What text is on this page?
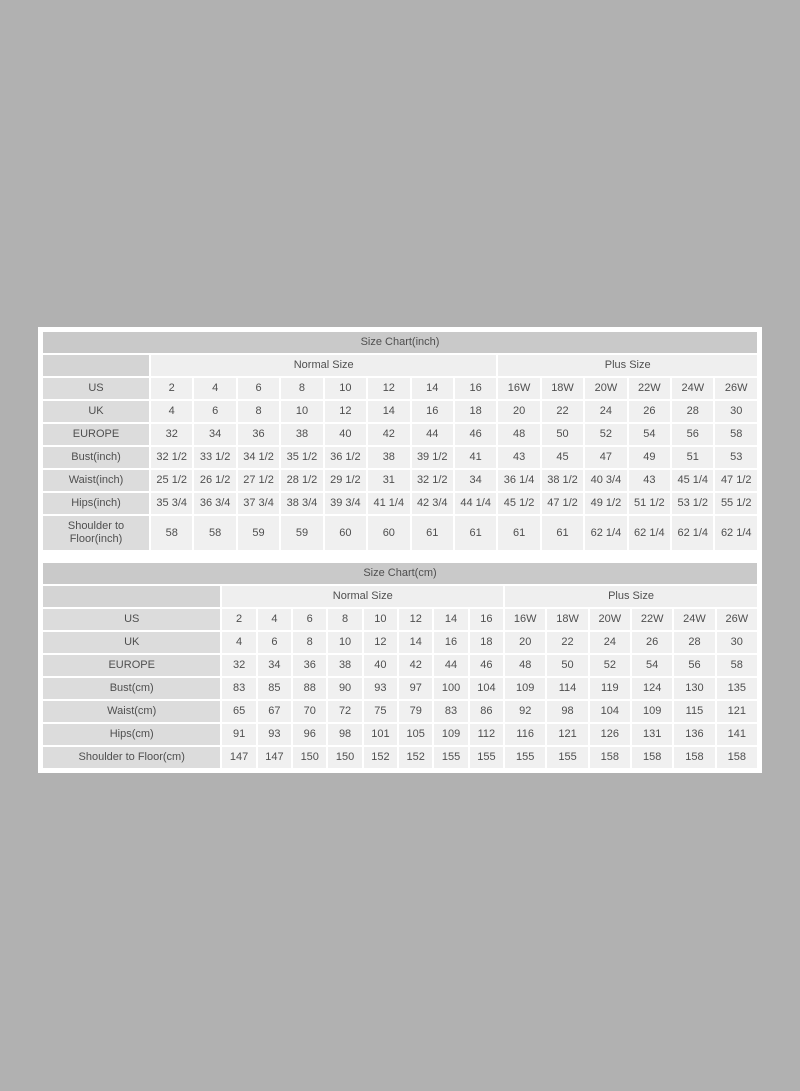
Size Chart(inch)														
	Normal Size								Plus Size					
US	2	4	6	8	10	12	14	16	16W	18W	20W	22W	24W	26W
UK	4	6	8	10	12	14	16	18	20	22	24	26	28	30
EUROPE	32	34	36	38	40	42	44	46	48	50	52	54	56	58
Bust(inch)	32 1/2	33 1/2	34 1/2	35 1/2	36 1/2	38	39 1/2	41	43	45	47	49	51	53
Waist(inch)	25 1/2	26 1/2	27 1/2	28 1/2	29 1/2	31	32 1/2	34	36 1/4	38 1/2	40 3/4	43	45 1/4	47 1/2
Hips(inch)	35 3/4	36 3/4	37 3/4	38 3/4	39 3/4	41 1/4	42 3/4	44 1/4	45 1/2	47 1/2	49 1/2	51 1/2	53 1/2	55 1/2
Shoulder to Floor(inch)	58	58	59	59	60	60	61	61	61	61	62 1/4	62 1/4	62 1/4	62 1/4
Size Chart(cm)														
	Normal Size								Plus Size					
US	2	4	6	8	10	12	14	16	16W	18W	20W	22W	24W	26W
UK	4	6	8	10	12	14	16	18	20	22	24	26	28	30
EUROPE	32	34	36	38	40	42	44	46	48	50	52	54	56	58
Bust(cm)	83	85	88	90	93	97	100	104	109	114	119	124	130	135
Waist(cm)	65	67	70	72	75	79	83	86	92	98	104	109	115	121
Hips(cm)	91	93	96	98	101	105	109	112	116	121	126	131	136	141
Shoulder to Floor(cm)	147	147	150	150	152	152	155	155	155	155	158	158	158	158
